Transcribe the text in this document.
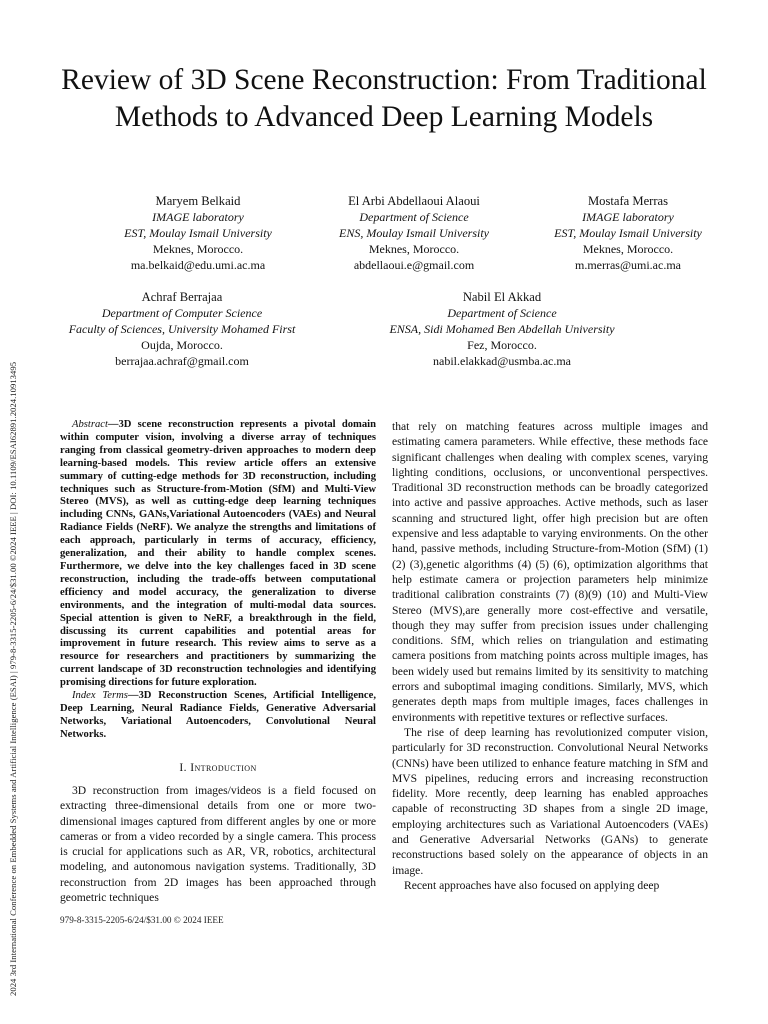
2024 3rd International Conference on Embedded Systems and Artificial Intelligence (ESAI) | 979-8-3315-2205-6/24/$31.00 ©2024 IEEE | DOI: 10.1109/ESAI62891.2024.10913495
Review of 3D Scene Reconstruction: From Traditional Methods to Advanced Deep Learning Models
Maryem Belkaid
IMAGE laboratory
EST, Moulay Ismail University
Meknes, Morocco.
ma.belkaid@edu.umi.ac.ma
El Arbi Abdellaoui Alaoui
Department of Science
ENS, Moulay Ismail University
Meknes, Morocco.
abdellaoui.e@gmail.com
Mostafa Merras
IMAGE laboratory
EST, Moulay Ismail University
Meknes, Morocco.
m.merras@umi.ac.ma
Achraf Berrajaa
Department of Computer Science
Faculty of Sciences, University Mohamed First
Oujda, Morocco.
berrajaa.achraf@gmail.com
Nabil El Akkad
Department of Science
ENSA, Sidi Mohamed Ben Abdellah University
Fez, Morocco.
nabil.elakkad@usmba.ac.ma

Abstract—3D scene reconstruction represents a pivotal domain within computer vision, involving a diverse array of techniques ranging from classical geometry-driven approaches to modern deep learning-based models. This review article offers an extensive summary of cutting-edge methods for 3D reconstruction, including techniques such as Structure-from-Motion (SfM) and Multi-View Stereo (MVS), as well as cutting-edge deep learning techniques including CNNs, GANs,Variational Autoencoders (VAEs) and Neural Radiance Fields (NeRF). We analyze the strengths and limitations of each approach, particularly in terms of accuracy, efficiency, generalization, and their ability to handle complex scenes. Furthermore, we delve into the key challenges faced in 3D scene reconstruction, including the trade-offs between computational efficiency and model accuracy, the generalization to diverse environments, and the integration of multi-modal data sources. Special attention is given to NeRF, a breakthrough in the field, discussing its current capabilities and potential areas for improvement in future research. This review aims to serve as a resource for researchers and practitioners by summarizing the current landscape of 3D reconstruction technologies and identifying promising directions for future exploration.

Index Terms—3D Reconstruction Scenes, Artificial Intelligence, Deep Learning, Neural Radiance Fields, Generative Adversarial Networks, Variational Autoencoders, Convolutional Neural Networks.

I. Introduction

3D reconstruction from images/videos is a field focused on extracting three-dimensional details from one or more two-dimensional images captured from different angles by one or more cameras or from a video recorded by a single camera. This process is crucial for applications such as AR, VR, robotics, architectural modeling, and autonomous navigation systems. Traditionally, 3D reconstruction from 2D images has been approached through geometric techniques

979-8-3315-2205-6/24/$31.00 © 2024 IEEE

that rely on matching features across multiple images and estimating camera parameters. While effective, these methods face significant challenges when dealing with complex scenes, varying lighting conditions, occlusions, or unconventional perspectives. Traditional 3D reconstruction methods can be broadly categorized into active and passive approaches. Active methods, such as laser scanning and structured light, offer high precision but are often expensive and less adaptable to varying environments. On the other hand, passive methods, including Structure-from-Motion (SfM) (1) (2) (3),genetic algorithms (4) (5) (6), optimization algorithms that help estimate camera or projection parameters help minimize traditional calibration constraints (7) (8)(9) (10) and Multi-View Stereo (MVS),are generally more cost-effective and versatile, though they may suffer from precision issues under challenging conditions. SfM, which relies on triangulation and estimating camera positions from matching points across multiple images, has been widely used but remains limited by its sensitivity to matching errors and suboptimal imaging conditions. Similarly, MVS, which generates depth maps from multiple images, faces challenges in environments with repetitive textures or reflective surfaces.

The rise of deep learning has revolutionized computer vision, particularly for 3D reconstruction. Convolutional Neural Networks (CNNs) have been utilized to enhance feature matching in SfM and MVS pipelines, reducing errors and increasing reconstruction fidelity. More recently, deep learning has enabled approaches capable of reconstructing 3D shapes from a single 2D image, employing architectures such as Variational Autoencoders (VAEs) and Generative Adversarial Networks (GANs) to generate reconstructions based solely on the appearance of objects in an image.

Recent approaches have also focused on applying deep
